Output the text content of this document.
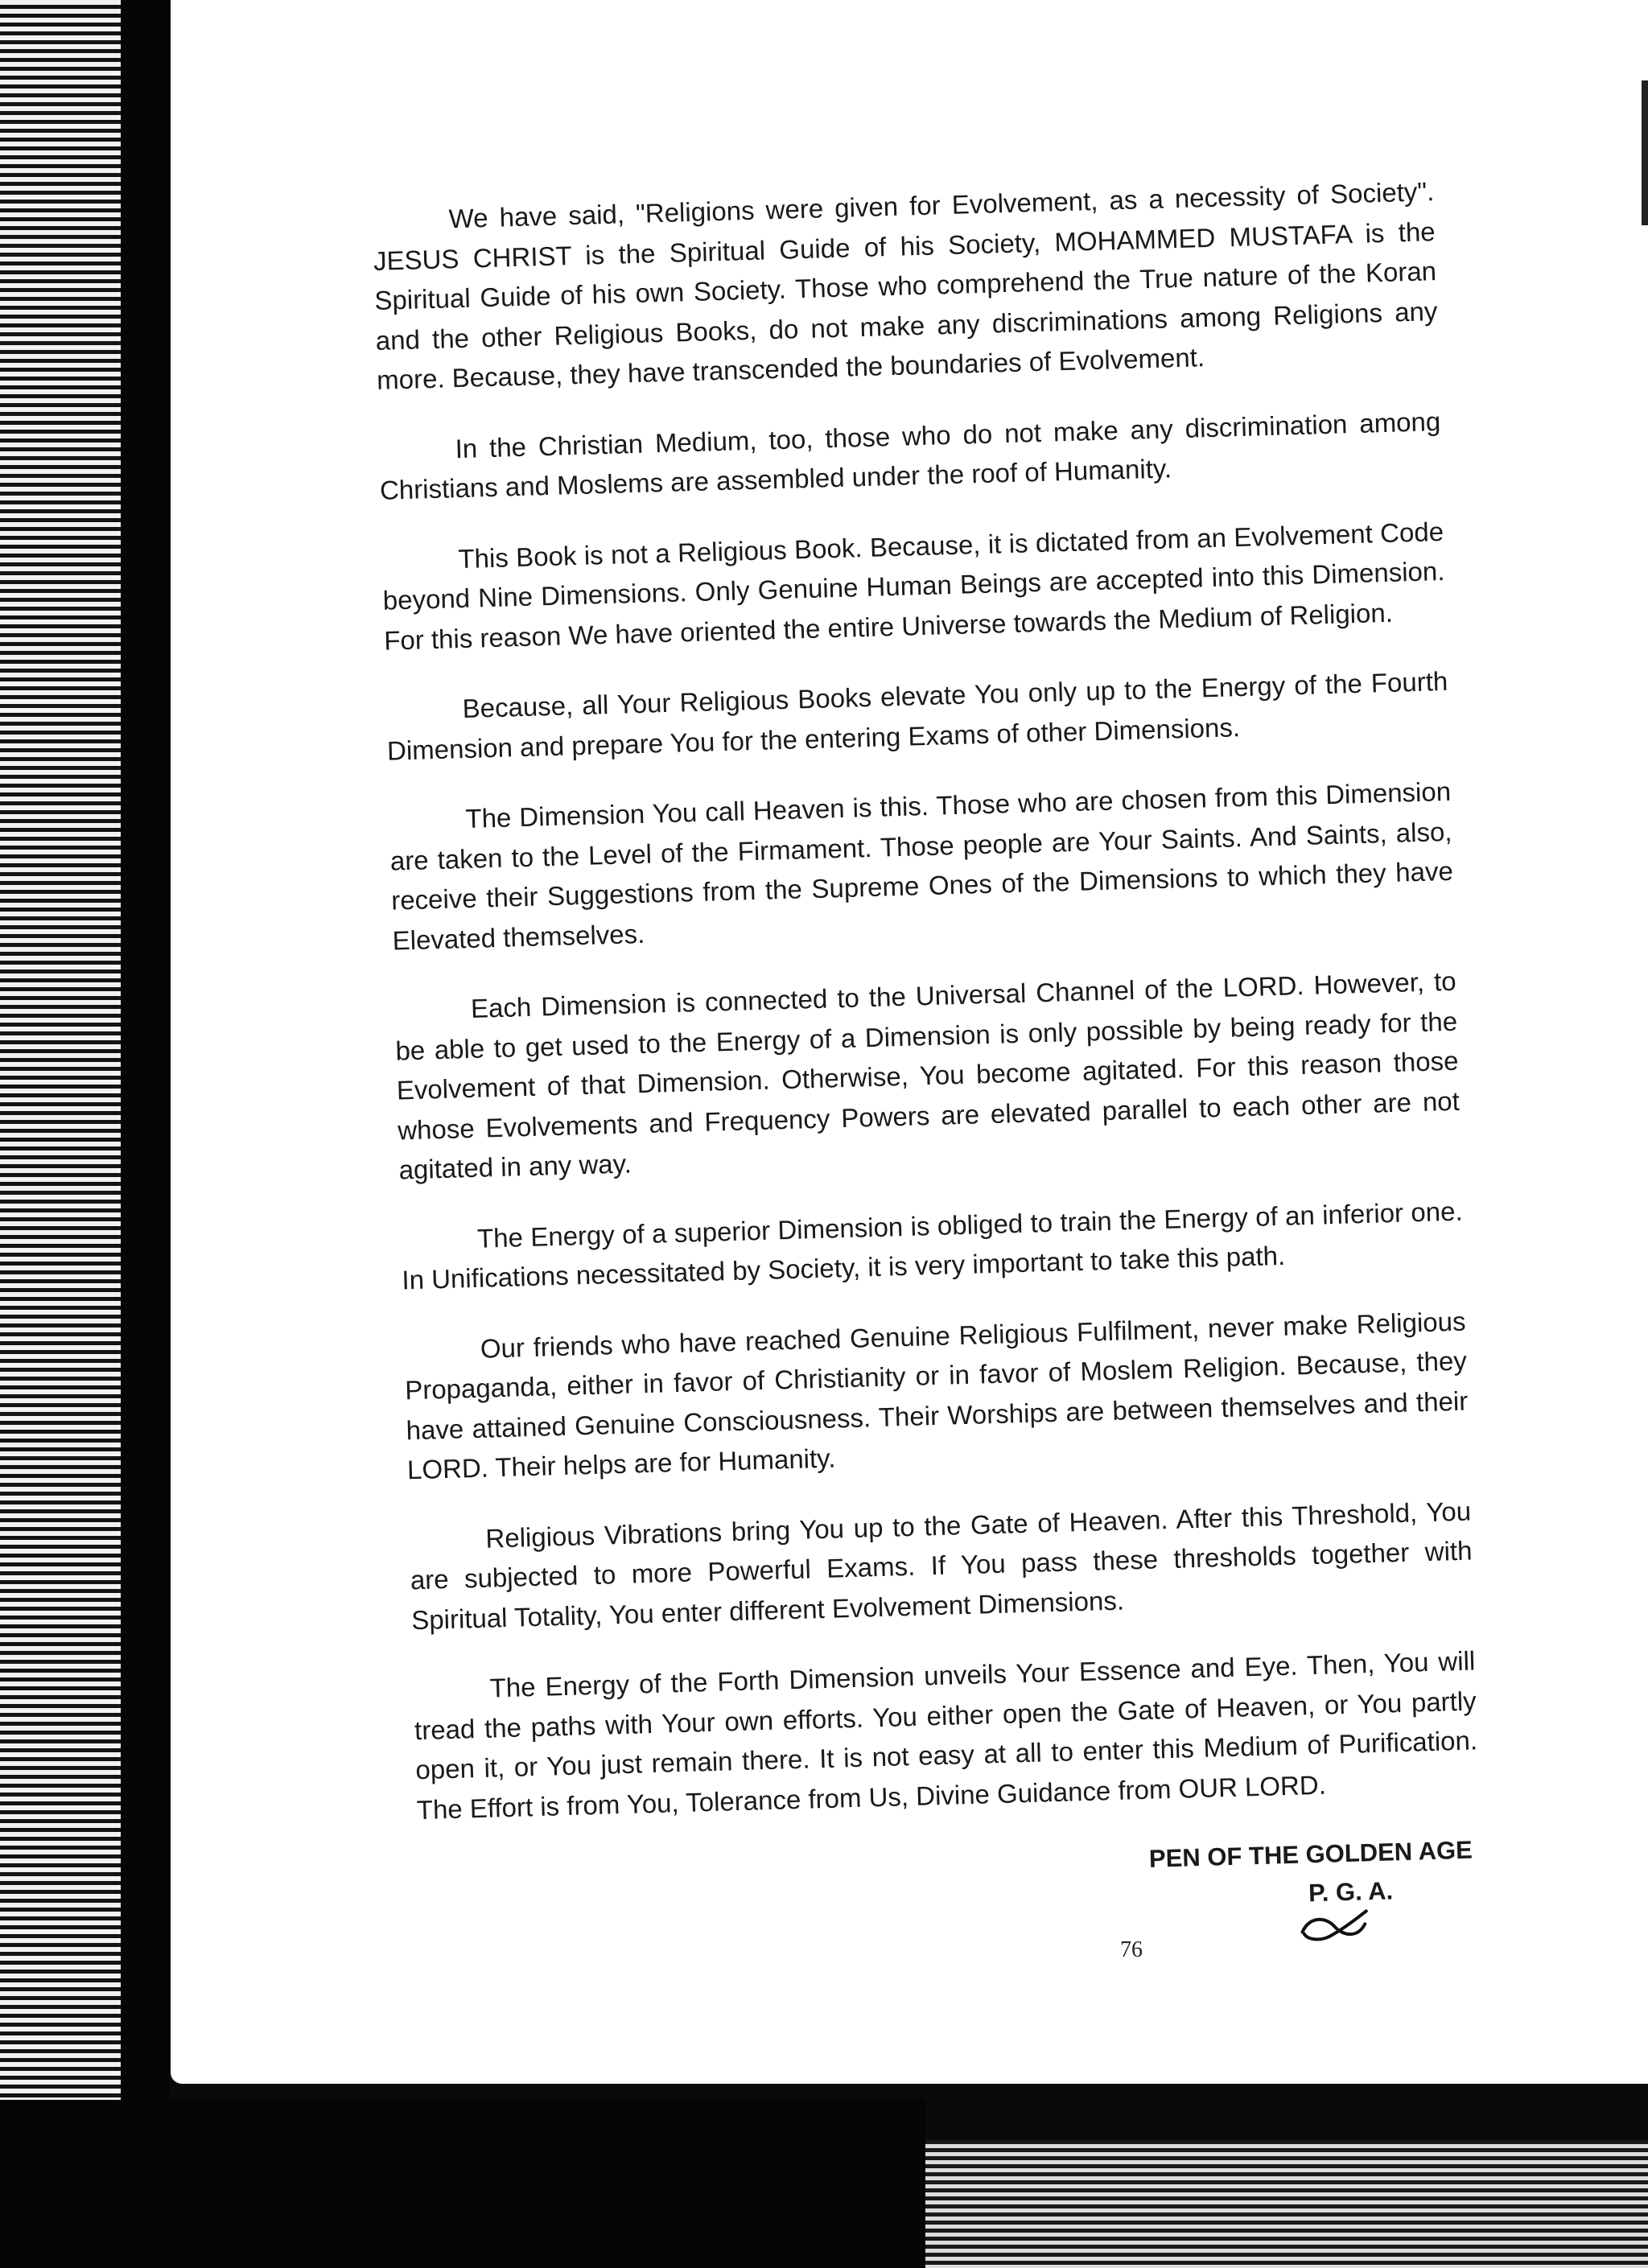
We have said, "Religions were given for Evolvement, as a necessity of Society". JESUS CHRIST is the Spiritual Guide of his Society, MOHAMMED MUSTAFA is the Spiritual Guide of his own Society. Those who comprehend the True nature of the Koran and the other Religious Books, do not make any discriminations among Religions any more. Because, they have transcended the boundaries of Evolvement.

In the Christian Medium, too, those who do not make any discrimination among Christians and Moslems are assembled under the roof of Humanity.

This Book is not a Religious Book. Because, it is dictated from an Evolvement Code beyond Nine Dimensions. Only Genuine Human Beings are accepted into this Dimension. For this reason We have oriented the entire Universe towards the Medium of Religion.

Because, all Your Religious Books elevate You only up to the Energy of the Fourth Dimension and prepare You for the entering Exams of other Dimensions.

The Dimension You call Heaven is this. Those who are chosen from this Dimension are taken to the Level of the Firmament. Those people are Your Saints. And Saints, also, receive their Suggestions from the Supreme Ones of the Dimensions to which they have Elevated themselves.

Each Dimension is connected to the Universal Channel of the LORD. However, to be able to get used to the Energy of a Dimension is only possible by being ready for the Evolvement of that Dimension. Otherwise, You become agitated. For this reason those whose Evolvements and Frequency Powers are elevated parallel to each other are not agitated in any way.

The Energy of a superior Dimension is obliged to train the Energy of an inferior one. In Unifications necessitated by Society, it is very important to take this path.

Our friends who have reached Genuine Religious Fulfilment, never make Religious Propaganda, either in favor of Christianity or in favor of Moslem Religion. Because, they have attained Genuine Consciousness. Their Worships are between themselves and their LORD. Their helps are for Humanity.

Religious Vibrations bring You up to the Gate of Heaven. After this Threshold, You are subjected to more Powerful Exams. If You pass these thresholds together with Spiritual Totality, You enter different Evolvement Dimensions.

The Energy of the Forth Dimension unveils Your Essence and Eye. Then, You will tread the paths with Your own efforts. You either open the Gate of Heaven, or You partly open it, or You just remain there. It is not easy at all to enter this Medium of Purification. The Effort is from You, Tolerance from Us, Divine Guidance from OUR LORD.

PEN OF THE GOLDEN AGE
P. G. A.
76
